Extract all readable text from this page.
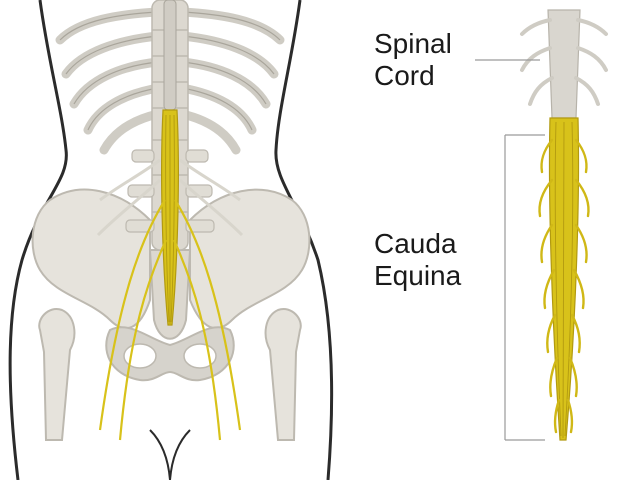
Spinal
Cord
Cauda
Equina
